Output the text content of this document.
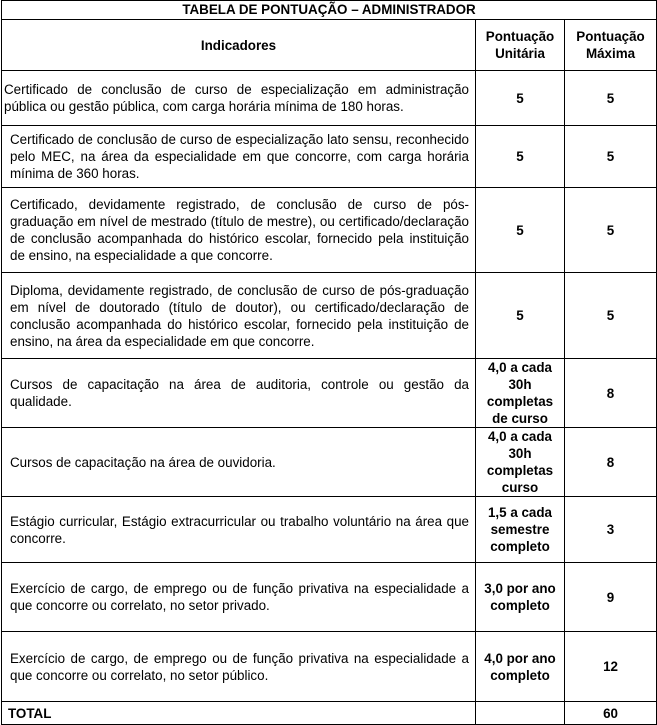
TABELA DE PONTUAÇÃO – ADMINISTRADOR		
Indicadores	Pontuação Unitária	Pontuação Máxima
Certificado de conclusão de curso de especialização em administração pública ou gestão pública, com carga horária mínima de 180 horas.	5	5
Certificado de conclusão de curso de especialização lato sensu, reconhecido pelo MEC, na área da especialidade em que concorre, com carga horária mínima de 360 horas.	5	5
Certificado, devidamente registrado, de conclusão de curso de pós-graduação em nível de mestrado (título de mestre), ou certificado/declaração de conclusão acompanhada do histórico escolar, fornecido pela instituição de ensino, na especialidade a que concorre.	5	5
Diploma, devidamente registrado, de conclusão de curso de pós-graduação em nível de doutorado (título de doutor), ou certificado/declaração de conclusão acompanhada do histórico escolar, fornecido pela instituição de ensino, na área da especialidade em que concorre.	5	5
Cursos de capacitação na área de auditoria, controle ou gestão da qualidade.	4,0 a cada 30h completas de curso	8
Cursos de capacitação na área de ouvidoria.	4,0 a cada 30h completas curso	8
Estágio curricular, Estágio extracurricular ou trabalho voluntário na área que concorre.	1,5 a cada semestre completo	3
Exercício de cargo, de emprego ou de função privativa na especialidade a que concorre ou correlato, no setor privado.	3,0 por ano completo	9
Exercício de cargo, de emprego ou de função privativa na especialidade a que concorre ou correlato, no setor público.	4,0 por ano completo	12
TOTAL		60
